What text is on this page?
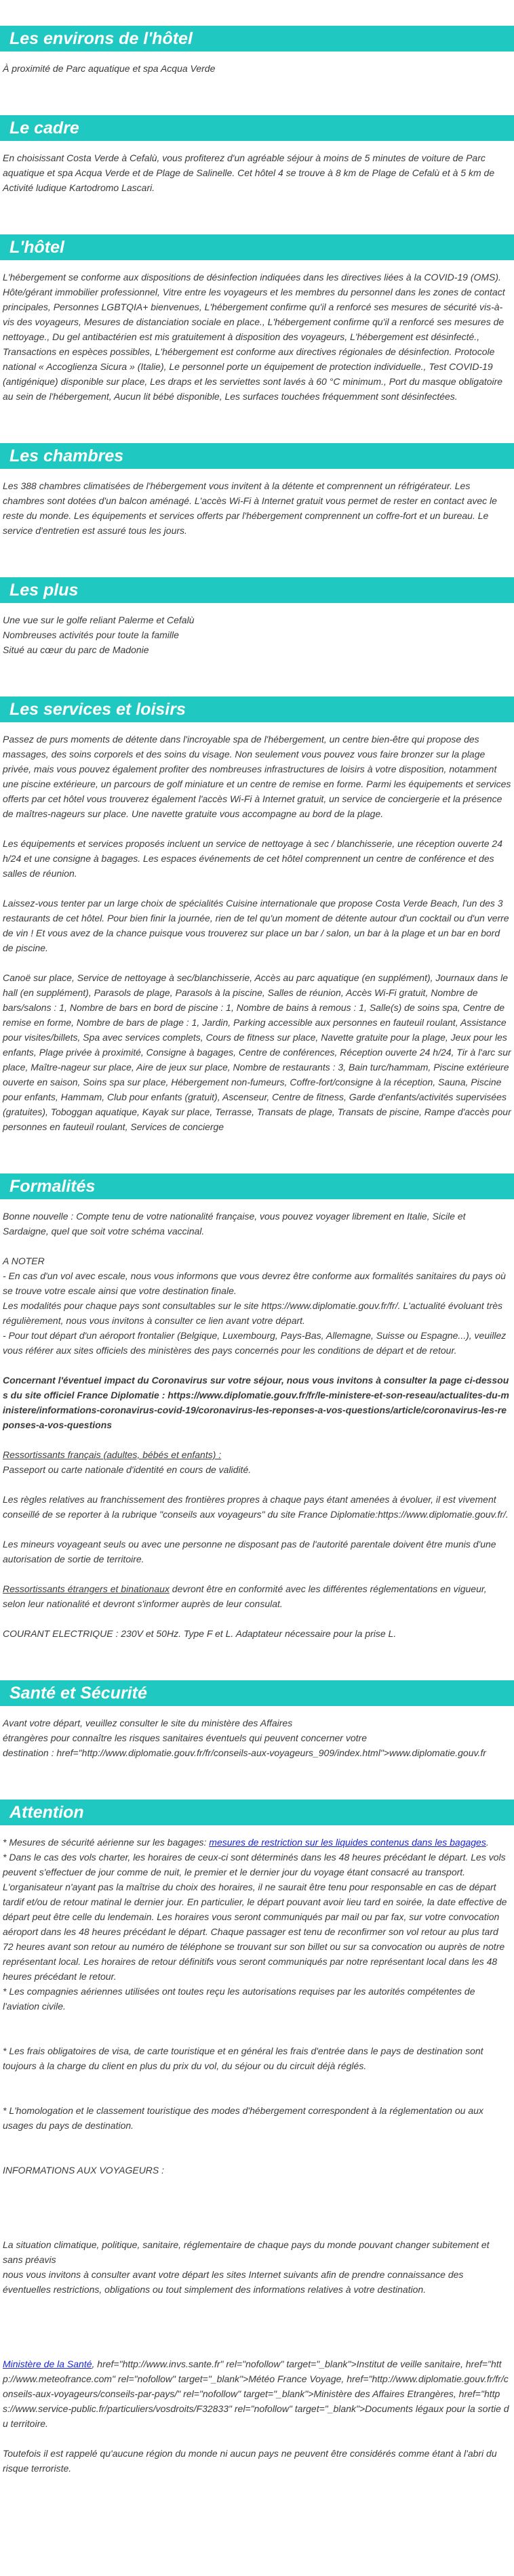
Les environs de l'hôtel
À proximité de Parc aquatique et spa Acqua Verde
Le cadre
En choisissant Costa Verde à Cefalù, vous profiterez d'un agréable séjour à moins de 5 minutes de voiture de Parc aquatique et spa Acqua Verde et de Plage de Salinelle. Cet hôtel 4 se trouve à 8 km de Plage de Cefalù et à 5 km de Activité ludique Kartodromo Lascari.
L'hôtel
L'hébergement se conforme aux dispositions de désinfection indiquées dans les directives liées à la COVID-19 (OMS). Hôte/gérant immobilier professionnel, Vitre entre les voyageurs et les membres du personnel dans les zones de contact principales, Personnes LGBTQIA+ bienvenues, L'hébergement confirme qu'il a renforcé ses mesures de sécurité vis-à-vis des voyageurs, Mesures de distanciation sociale en place., L'hébergement confirme qu'il a renforcé ses mesures de nettoyage., Du gel antibactérien est mis gratuitement à disposition des voyageurs, L'hébergement est désinfecté., Transactions en espèces possibles, L'hébergement est conforme aux directives régionales de désinfection. Protocole national « Accoglienza Sicura » (Italie), Le personnel porte un équipement de protection individuelle., Test COVID-19 (antigénique) disponible sur place, Les draps et les serviettes sont lavés à 60 °C minimum., Port du masque obligatoire au sein de l'hébergement, Aucun lit bébé disponible, Les surfaces touchées fréquemment sont désinfectées.
Les chambres
Les 388 chambres climatisées de l'hébergement vous invitent à la détente et comprennent un réfrigérateur. Les chambres sont dotées d'un balcon aménagé. L'accès Wi-Fi à Internet gratuit vous permet de rester en contact avec le reste du monde. Les équipements et services offerts par l'hébergement comprennent un coffre-fort et un bureau. Le service d'entretien est assuré tous les jours.
Les plus
Une vue sur le golfe reliant Palerme et Cefalù
Nombreuses activités pour toute la famille
Situé au cœur du parc de Madonie
Les services et loisirs
Passez de purs moments de détente dans l'incroyable spa de l'hébergement, un centre bien-être qui propose des massages, des soins corporels et des soins du visage. Non seulement vous pouvez vous faire bronzer sur la plage privée, mais vous pouvez également profiter des nombreuses infrastructures de loisirs à votre disposition, notamment une piscine extérieure, un parcours de golf miniature et un centre de remise en forme. Parmi les équipements et services offerts par cet hôtel vous trouverez également l'accès Wi-Fi à Internet gratuit, un service de conciergerie et la présence de maîtres-nageurs sur place. Une navette gratuite vous accompagne au bord de la plage.
Les équipements et services proposés incluent un service de nettoyage à sec / blanchisserie, une réception ouverte 24 h/24 et une consigne à bagages. Les espaces événements de cet hôtel comprennent un centre de conférence et des salles de réunion.
Laissez-vous tenter par un large choix de spécialités Cuisine internationale que propose Costa Verde Beach, l'un des 3 restaurants de cet hôtel. Pour bien finir la journée, rien de tel qu'un moment de détente autour d'un cocktail ou d'un verre de vin ! Et vous avez de la chance puisque vous trouverez sur place un bar / salon, un bar à la plage et un bar en bord de piscine.
Canoë sur place, Service de nettoyage à sec/blanchisserie, Accès au parc aquatique (en supplément), Journaux dans le hall (en supplément), Parasols de plage, Parasols à la piscine, Salles de réunion, Accès Wi-Fi gratuit, Nombre de bars/salons : 1, Nombre de bars en bord de piscine : 1, Nombre de bains à remous : 1, Salle(s) de soins spa, Centre de remise en forme, Nombre de bars de plage : 1, Jardin, Parking accessible aux personnes en fauteuil roulant, Assistance pour visites/billets, Spa avec services complets, Cours de fitness sur place, Navette gratuite pour la plage, Jeux pour les enfants, Plage privée à proximité, Consigne à bagages, Centre de conférences, Réception ouverte 24 h/24, Tir à l'arc sur place, Maître-nageur sur place, Aire de jeux sur place, Nombre de restaurants : 3, Bain turc/hammam, Piscine extérieure ouverte en saison, Soins spa sur place, Hébergement non-fumeurs, Coffre-fort/consigne à la réception, Sauna, Piscine pour enfants, Hammam, Club pour enfants (gratuit), Ascenseur, Centre de fitness, Garde d'enfants/activités supervisées (gratuites), Toboggan aquatique, Kayak sur place, Terrasse, Transats de plage, Transats de piscine, Rampe d'accès pour personnes en fauteuil roulant, Services de concierge
Formalités
Bonne nouvelle : Compte tenu de votre nationalité française, vous pouvez voyager librement en Italie, Sicile et Sardaigne, quel que soit votre schéma vaccinal.
A NOTER
- En cas d'un vol avec escale, nous vous informons que vous devrez être conforme aux formalités sanitaires du pays où se trouve votre escale ainsi que votre destination finale.
Les modalités pour chaque pays sont consultables sur le site https://www.diplomatie.gouv.fr/fr/. L'actualité évoluant très régulièrement, nous vous invitons à consulter ce lien avant votre départ.
- Pour tout départ d'un aéroport frontalier (Belgique, Luxembourg, Pays-Bas, Allemagne, Suisse ou Espagne...), veuillez vous référer aux sites officiels des ministères des pays concernés pour les conditions de départ et de retour.
Concernant l'éventuel impact du Coronavirus sur votre séjour, nous vous invitons à consulter la page ci-dessous du site officiel France Diplomatie : https://www.diplomatie.gouv.fr/fr/le-ministere-et-son-reseau/actualites-du-ministere/informations-coronavirus-covid-19/coronavirus-les-reponses-a-vos-questions/article/coronavirus-les-reponses-a-vos-questions
Ressortissants français (adultes, bébés et enfants) :
Passeport ou carte nationale d'identité en cours de validité.
Les règles relatives au franchissement des frontières propres à chaque pays étant amenées à évoluer, il est vivement conseillé de se reporter à la rubrique "conseils aux voyageurs" du site France Diplomatie:https://www.diplomatie.gouv.fr/.
Les mineurs voyageant seuls ou avec une personne ne disposant pas de l'autorité parentale doivent être munis d'une autorisation de sortie de territoire.
Ressortissants étrangers et binationaux devront être en conformité avec les différentes réglementations en vigueur, selon leur nationalité et devront s'informer auprès de leur consulat.
COURANT ELECTRIQUE : 230V et 50Hz. Type F et L. Adaptateur nécessaire pour la prise L.
Santé et Sécurité
Avant votre départ, veuillez consulter le site du ministère des Affaires
étrangères pour connaître les risques sanitaires éventuels qui peuvent concerner votre
destination : href="http://www.diplomatie.gouv.fr/fr/conseils-aux-voyageurs_909/index.html">www.diplomatie.gouv.fr
Attention
* Mesures de sécurité aérienne sur les bagages: mesures de restriction sur les liquides contenus dans les bagages.
* Dans le cas des vols charter, les horaires de ceux-ci sont déterminés dans les 48 heures précédant le départ. Les vols peuvent s'effectuer de jour comme de nuit, le premier et le dernier jour du voyage étant consacré au transport. L'organisateur n'ayant pas la maîtrise du choix des horaires, il ne saurait être tenu pour responsable en cas de départ tardif et/ou de retour matinal le dernier jour. En particulier, le départ pouvant avoir lieu tard en soirée, la date effective de départ peut être celle du lendemain. Les horaires vous seront communiqués par mail ou par fax, sur votre convocation aéroport dans les 48 heures précédant le départ. Chaque passager est tenu de reconfirmer son vol retour au plus tard 72 heures avant son retour au numéro de téléphone se trouvant sur son billet ou sur sa convocation ou auprès de notre représentant local. Les horaires de retour définitifs vous seront communiqués par notre représentant local dans les 48 heures précédant le retour.
* Les compagnies aériennes utilisées ont toutes reçu les autorisations requises par les autorités compétentes de l'aviation civile.
* Les frais obligatoires de visa, de carte touristique et en général les frais d'entrée dans le pays de destination sont toujours à la charge du client en plus du prix du vol, du séjour ou du circuit déjà réglés.
* L'homologation et le classement touristique des modes d'hébergement correspondent à la réglementation ou aux usages du pays de destination.
INFORMATIONS AUX VOYAGEURS :
La situation climatique, politique, sanitaire, réglementaire de chaque pays du monde pouvant changer subitement et sans préavis
nous vous invitons à consulter avant votre départ les sites Internet suivants afin de prendre connaissance des éventuelles restrictions, obligations ou tout simplement des informations relatives à votre destination.
Ministère de la Santé, href="http://www.invs.sante.fr" rel="nofollow" target="_blank">Institut de veille sanitaire, href="http://www.meteofrance.com" rel="nofollow" target="_blank">Météo France Voyage, href="http://www.diplomatie.gouv.fr/fr/conseils-aux-voyageurs/conseils-par-pays/" rel="nofollow" target="_blank">Ministère des Affaires Etrangères, href="https://www.service-public.fr/particuliers/vosdroits/F32833" rel="nofollow" target="_blank">Documents légaux pour la sortie du territoire.
Toutefois il est rappelé qu'aucune région du monde ni aucun pays ne peuvent être considérés comme étant à l'abri du risque terroriste.
